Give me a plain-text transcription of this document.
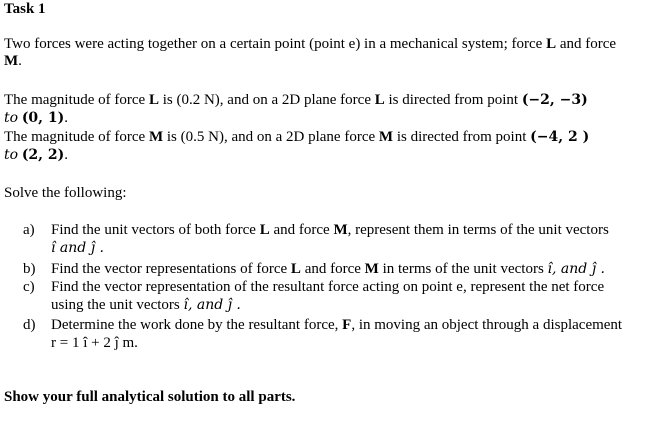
Task 1
Two forces were acting together on a certain point (point e) in a mechanical system; force L and force
M.
The magnitude of force L is (0.2 N), and on a 2D plane force L is directed from point (−2, −3)
to (0, 1).
The magnitude of force M is (0.5 N), and on a 2D plane force M is directed from point (−4, 2 )
to (2, 2).
Solve the following:
a) Find the unit vectors of both force L and force M, represent them in terms of the unit vectors
î and ĵ .
b) Find the vector representations of force L and force M in terms of the unit vectors î, and ĵ .
c) Find the vector representation of the resultant force acting on point e, represent the net force
using the unit vectors î, and ĵ .
d) Determine the work done by the resultant force, F, in moving an object through a displacement
r = 1 î + 2 ĵ m.
Show your full analytical solution to all parts.
